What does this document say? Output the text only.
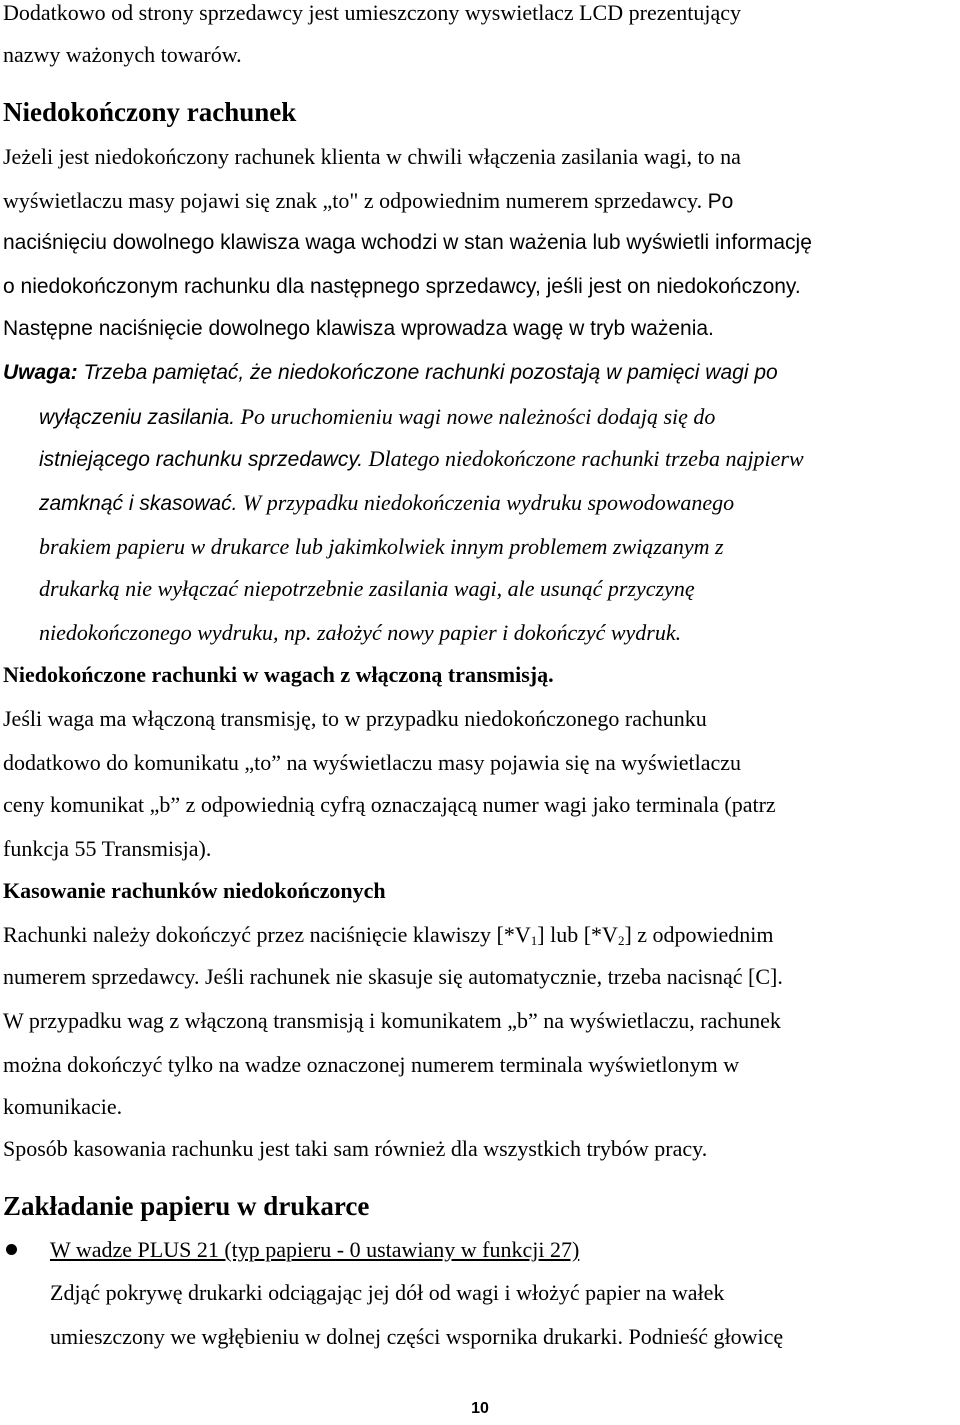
Dodatkowo od strony sprzedawcy jest umieszczony wyswietlacz LCD prezentujący
nazwy ważonych towarów.
Niedokończony rachunek
Jeżeli jest niedokończony rachunek klienta w chwili włączenia zasilania wagi, to na
wyświetlaczu masy pojawi się znak „to" z odpowiednim numerem sprzedawcy. Po
naciśnięciu dowolnego klawisza waga wchodzi w stan ważenia lub wyświetli informację
o niedokończonym rachunku dla następnego sprzedawcy, jeśli jest on niedokończony.
Następne naciśnięcie dowolnego klawisza wprowadza wagę w tryb ważenia.
Uwaga: Trzeba pamiętać, że niedokończone rachunki pozostają w pamięci wagi po
wyłączeniu zasilania. Po uruchomieniu wagi nowe należności dodają się do
istniejącego rachunku sprzedawcy. Dlatego niedokończone rachunki trzeba najpierw
zamknąć i skasować. W przypadku niedokończenia wydruku spowodowanego
brakiem papieru w drukarce lub jakimkolwiek innym problemem związanym z
drukarką nie wyłączać niepotrzebnie zasilania wagi, ale usunąć przyczynę
niedokończonego wydruku, np. założyć nowy papier i dokończyć wydruk.
Niedokończone rachunki w wagach z włączoną transmisją.
Jeśli waga ma włączoną transmisję, to w przypadku niedokończonego rachunku
dodatkowo do komunikatu „to” na wyświetlaczu masy pojawia się na wyświetlaczu
ceny komunikat „b” z odpowiednią cyfrą oznaczającą numer wagi jako terminala (patrz
funkcja 55 Transmisja).
Kasowanie rachunków niedokończonych
Rachunki należy dokończyć przez naciśnięcie klawiszy $[*V_1]$ lub $[*V_2]$ z odpowiednim
numerem sprzedawcy. Jeśli rachunek nie skasuje się automatycznie, trzeba nacisnąć [C].
W przypadku wag z włączoną transmisją i komunikatem „b” na wyświetlaczu, rachunek
można dokończyć tylko na wadze oznaczonej numerem terminala wyświetlonym w
komunikacie.
Sposób kasowania rachunku jest taki sam również dla wszystkich trybów pracy.
Zakładanie papieru w drukarce
W wadze PLUS 21 (typ papieru - 0 ustawiany w funkcji 27)
Zdjąć pokrywę drukarki odciągając jej dół od wagi i włożyć papier na wałek
umieszczony we wgłębieniu w dolnej części wspornika drukarki. Podnieść głowicę
10
